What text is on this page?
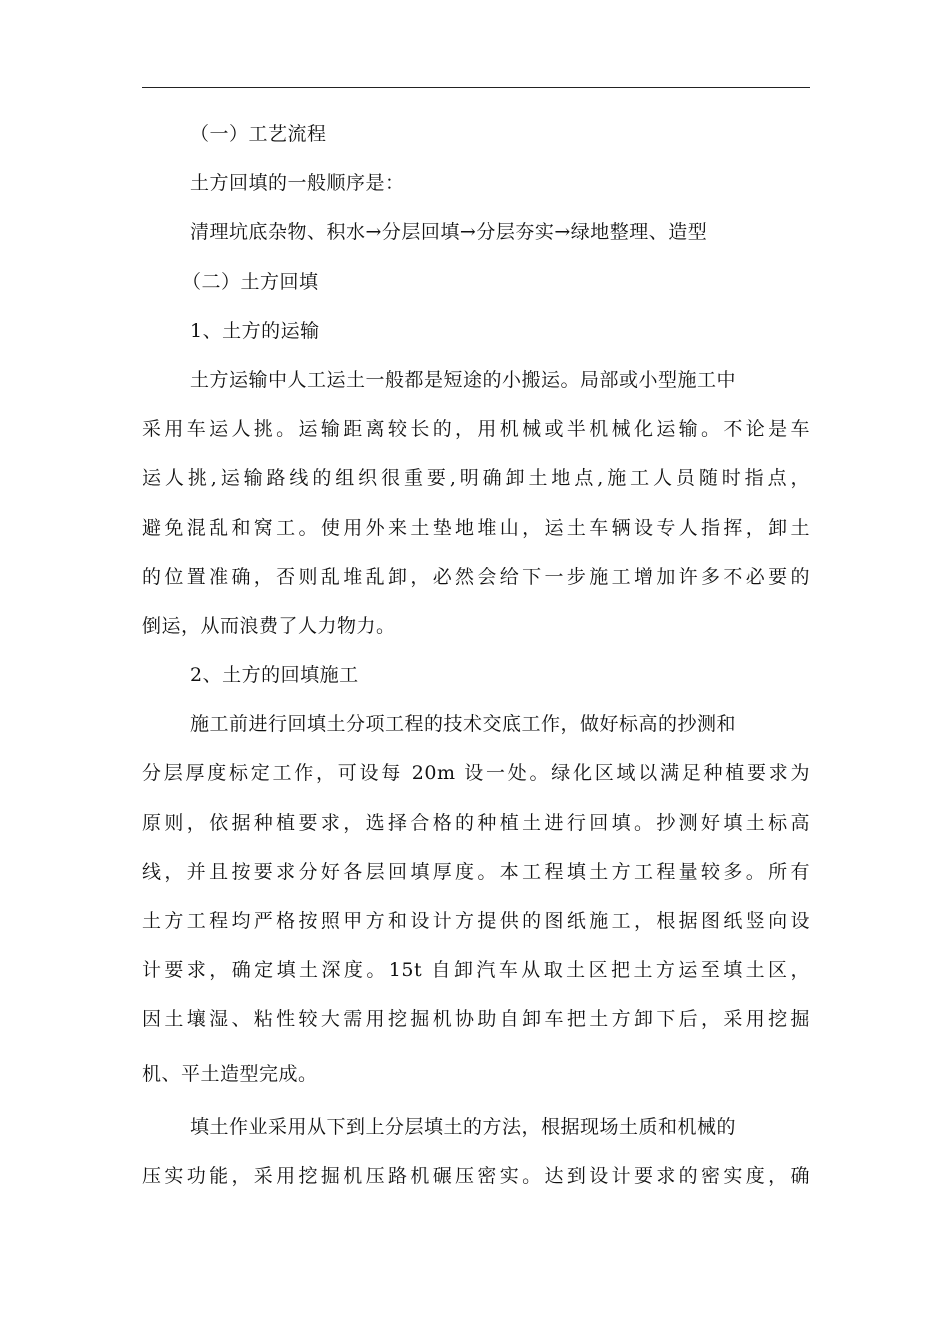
（一）工艺流程
土方回填的一般顺序是：
清理坑底杂物、积水→分层回填→分层夯实→绿地整理、造型
（二）土方回填
1、土方的运输
土方运输中人工运土一般都是短途的小搬运。局部或小型施工中
采用车运人挑。运输距离较长的，用机械或半机械化运输。不论是车
运人挑,运输路线的组织很重要,明确卸土地点,施工人员随时指点，
避免混乱和窝工。使用外来土垫地堆山，运土车辆设专人指挥，卸土
的位置准确，否则乱堆乱卸，必然会给下一步施工增加许多不必要的
倒运，从而浪费了人力物力。
2、土方的回填施工
施工前进行回填土分项工程的技术交底工作，做好标高的抄测和
分层厚度标定工作，可设每 20m 设一处。绿化区域以满足种植要求为
原则，依据种植要求，选择合格的种植土进行回填。抄测好填土标高
线，并且按要求分好各层回填厚度。本工程填土方工程量较多。所有
土方工程均严格按照甲方和设计方提供的图纸施工，根据图纸竖向设
计要求，确定填土深度。15t 自卸汽车从取土区把土方运至填土区，
因土壤湿、粘性较大需用挖掘机协助自卸车把土方卸下后，采用挖掘
机、平土造型完成。
填土作业采用从下到上分层填土的方法，根据现场土质和机械的
压实功能，采用挖掘机压路机碾压密实。达到设计要求的密实度，确
